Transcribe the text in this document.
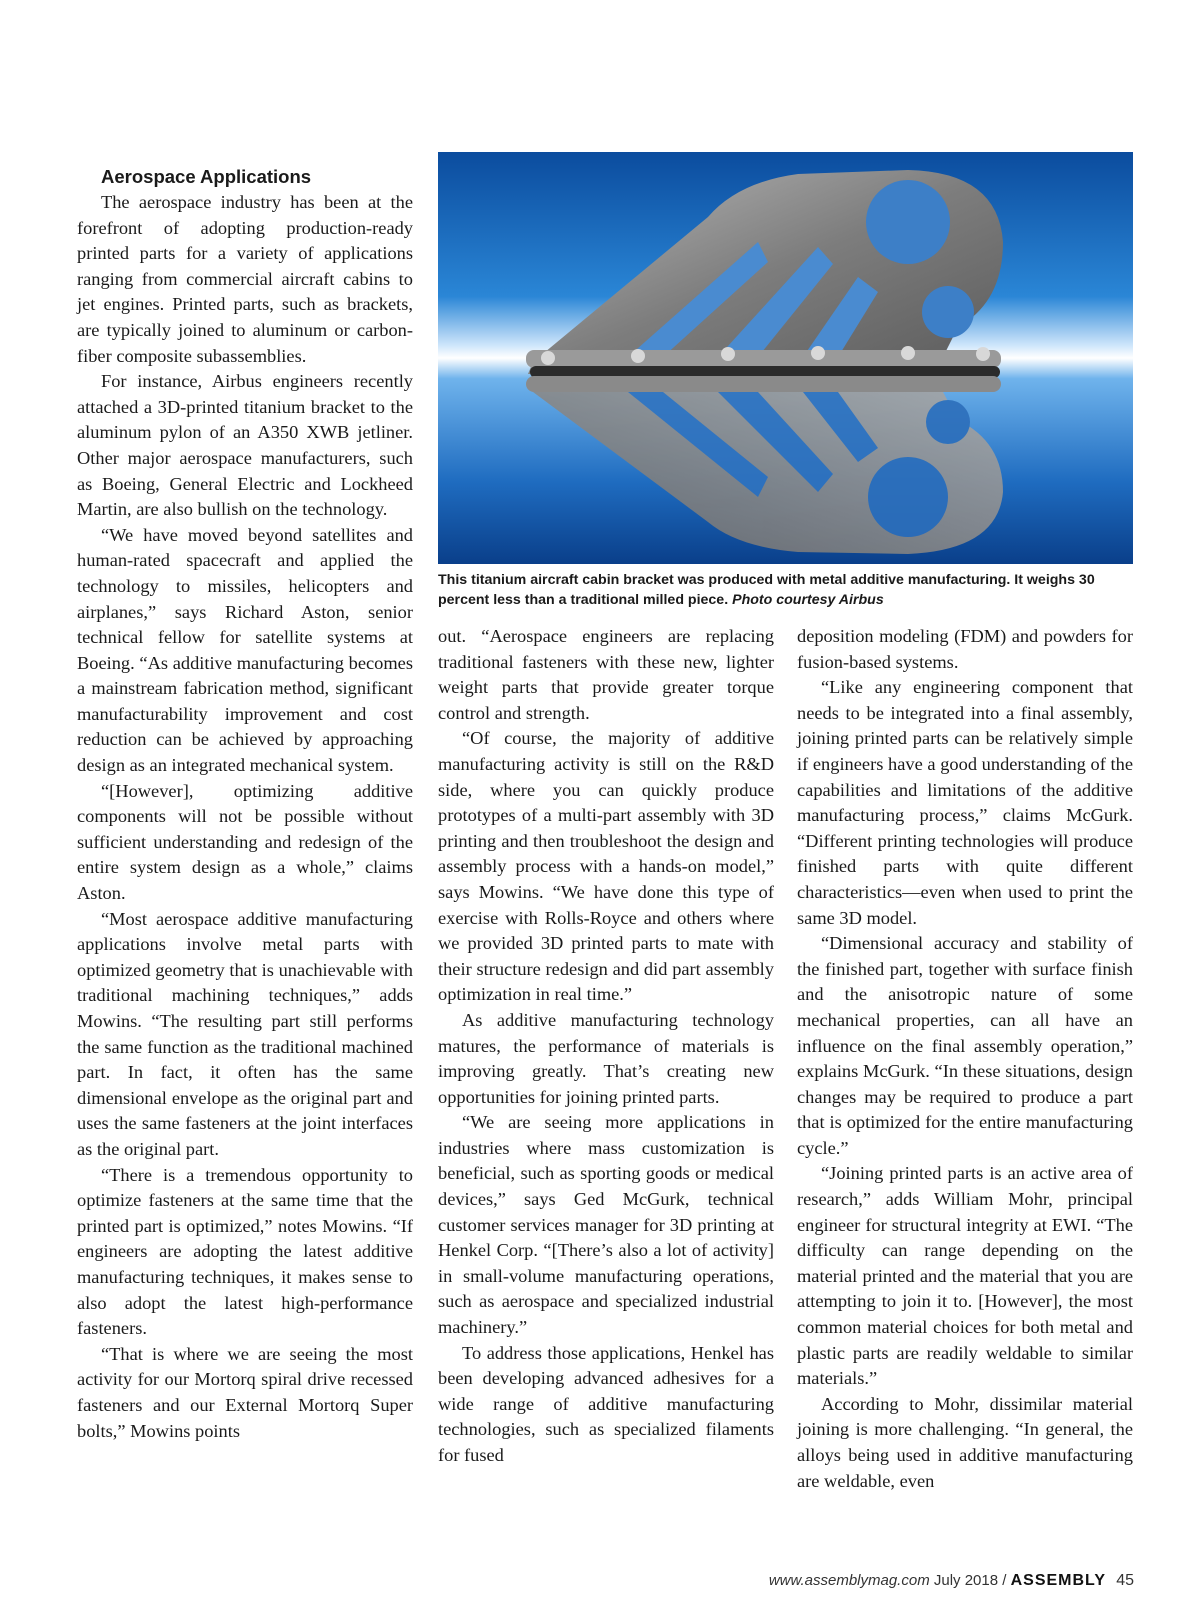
Aerospace Applications

The aerospace industry has been at the forefront of adopting production-ready printed parts for a variety of applications ranging from commercial aircraft cabins to jet engines. Printed parts, such as brackets, are typically joined to aluminum or carbon-fiber composite subassemblies.

For instance, Airbus engineers recently attached a 3D-printed titanium bracket to the aluminum pylon of an A350 XWB jetliner. Other major aerospace manufacturers, such as Boeing, General Electric and Lockheed Martin, are also bullish on the technology.

“We have moved beyond satellites and human-rated spacecraft and applied the technology to missiles, helicopters and airplanes,” says Richard Aston, senior technical fellow for satellite systems at Boeing. “As additive manufacturing becomes a mainstream fabrication method, significant manufacturability improvement and cost reduction can be achieved by approaching design as an integrated mechanical system.

“[However], optimizing additive components will not be possible without sufficient understanding and redesign of the entire system design as a whole,” claims Aston.

“Most aerospace additive manufacturing applications involve metal parts with optimized geometry that is unachievable with traditional machining techniques,” adds Mowins. “The resulting part still performs the same function as the traditional machined part. In fact, it often has the same dimensional envelope as the original part and uses the same fasteners at the joint interfaces as the original part.

“There is a tremendous opportunity to optimize fasteners at the same time that the printed part is optimized,” notes Mowins. “If engineers are adopting the latest additive manufacturing techniques, it makes sense to also adopt the latest high-performance fasteners.

“That is where we are seeing the most activity for our Mortorq spiral drive recessed fasteners and our External Mortorq Super bolts,” Mowins points

This titanium aircraft cabin bracket was produced with metal additive manufacturing. It weighs 30 percent less than a traditional milled piece. Photo courtesy Airbus

out. “Aerospace engineers are replacing traditional fasteners with these new, lighter weight parts that provide greater torque control and strength.

“Of course, the majority of additive manufacturing activity is still on the R&D side, where you can quickly produce prototypes of a multi-part assembly with 3D printing and then troubleshoot the design and assembly process with a hands-on model,” says Mowins. “We have done this type of exercise with Rolls-Royce and others where we provided 3D printed parts to mate with their structure redesign and did part assembly optimization in real time.”

As additive manufacturing technology matures, the performance of materials is improving greatly. That’s creating new opportunities for joining printed parts.

“We are seeing more applications in industries where mass customization is beneficial, such as sporting goods or medical devices,” says Ged McGurk, technical customer services manager for 3D printing at Henkel Corp. “[There’s also a lot of activity] in small-volume manufacturing operations, such as aerospace and specialized industrial machinery.”

To address those applications, Henkel has been developing advanced adhesives for a wide range of additive manufacturing technologies, such as specialized filaments for fused

deposition modeling (FDM) and powders for fusion-based systems.

“Like any engineering component that needs to be integrated into a final assembly, joining printed parts can be relatively simple if engineers have a good understanding of the capabilities and limitations of the additive manufacturing process,” claims McGurk. “Different printing technologies will produce finished parts with quite different characteristics—even when used to print the same 3D model.

“Dimensional accuracy and stability of the finished part, together with surface finish and the anisotropic nature of some mechanical properties, can all have an influence on the final assembly operation,” explains McGurk. “In these situations, design changes may be required to produce a part that is optimized for the entire manufacturing cycle.”

“Joining printed parts is an active area of research,” adds William Mohr, principal engineer for structural integrity at EWI. “The difficulty can range depending on the material printed and the material that you are attempting to join it to. [However], the most common material choices for both metal and plastic parts are readily weldable to similar materials.”

According to Mohr, dissimilar material joining is more challenging. “In general, the alloys being used in additive manufacturing are weldable, even

www.assemblymag.com July 2018 / ASSEMBLY 45
